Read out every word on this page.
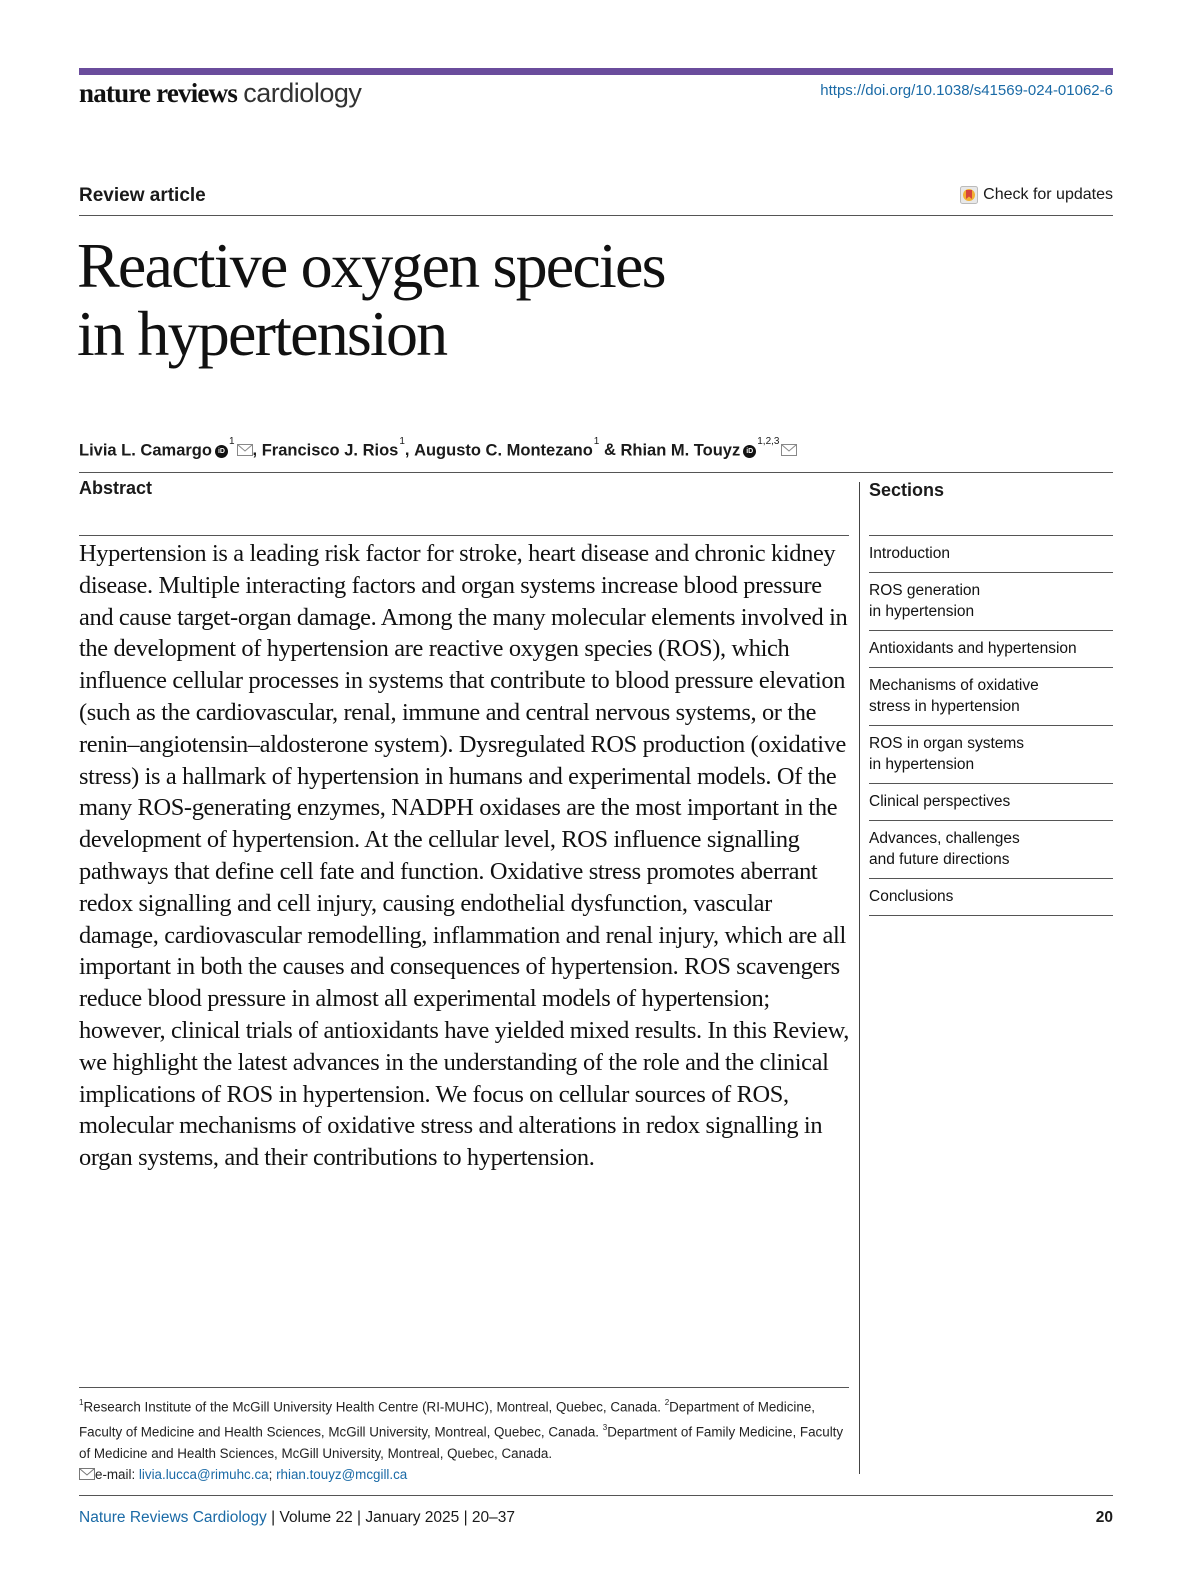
nature reviews cardiology	https://doi.org/10.1038/s41569-024-01062-6
Review article	Check for updates
Reactive oxygen species
in hypertension
Livia L. Camargo $iD^1$	, Francisco J. Rios$^1$ , Augusto C. Montezano$^1$ & Rhian M. Touyz iD$^{1,2,3}$
Abstract

Hypertension is a leading risk factor for stroke, heart disease and chronic kidney disease. Multiple interacting factors and organ systems increase blood pressure and cause target-organ damage. Among the many molecular elements involved in the development of hypertension are reactive oxygen species (ROS), which influence cellular processes in systems that contribute to blood pressure elevation (such as the cardiovascular, renal, immune and central nervous systems, or the renin–angiotensin–aldosterone system). Dysregulated ROS production (oxidative stress) is a hallmark of hypertension in humans and experimental models. Of the many ROS-generating enzymes, NADPH oxidases are the most important in the development of hypertension. At the cellular level, ROS influence signalling pathways that define cell fate and function. Oxidative stress promotes aberrant redox signalling and cell injury, causing endothelial dysfunction, vascular damage, cardiovascular remodelling, inflammation and renal injury, which are all important in both the causes and consequences of hypertension. ROS scavengers reduce blood pressure in almost all experimental models of hypertension; however, clinical trials of antioxidants have yielded mixed results. In this Review, we highlight the latest advances in the understanding of the role and the clinical implications of ROS in hypertension. We focus on cellular sources of ROS, molecular mechanisms of oxidative stress and alterations in redox signalling in organ systems, and their contributions to hypertension.

Sections
Introduction
ROS generation
in hypertension
Antioxidants and hypertension
Mechanisms of oxidative
stress in hypertension
ROS in organ systems
in hypertension
Clinical perspectives
Advances, challenges
and future directions
Conclusions

$^1$Research Institute of the McGill University Health Centre (RI-MUHC), Montreal, Quebec, Canada. $^2$Department of Medicine, Faculty of Medicine and Health Sciences, McGill University, Montreal, Quebec, Canada. $^3$Department of Family Medicine, Faculty of Medicine and Health Sciences, McGill University, Montreal, Quebec, Canada.
e-mail: livia.lucca@rimuhc.ca; rhian.touyz@mcgill.ca

Nature Reviews Cardiology | Volume 22 | January 2025 | 20–37	20
